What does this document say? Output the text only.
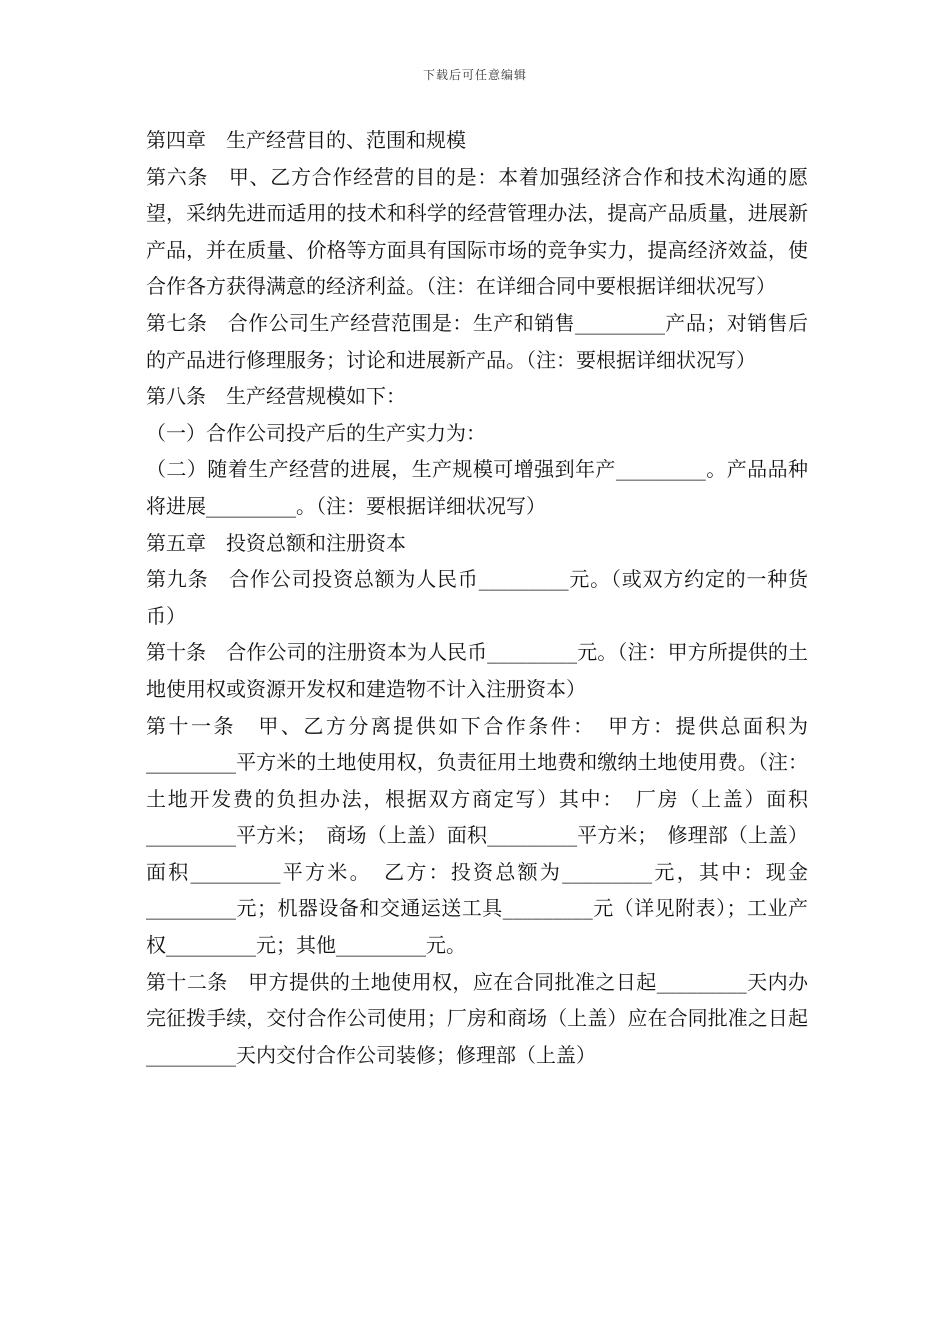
下载后可任意编辑

第四章　生产经营目的、范围和规模

第六条　甲、乙方合作经营的目的是：本着加强经济合作和技术沟通的愿望，采纳先进而适用的技术和科学的经营管理办法，提高产品质量，进展新产品，并在质量、价格等方面具有国际市场的竞争实力，提高经济效益，使合作各方获得满意的经济利益。（注：在详细合同中要根据详细状况写）

第七条　合作公司生产经营范围是：生产和销售_________产品；对销售后的产品进行修理服务；讨论和进展新产品。（注：要根据详细状况写）

第八条　生产经营规模如下：

（一）合作公司投产后的生产实力为：

（二）随着生产经营的进展，生产规模可增强到年产_________。产品品种将进展_________。（注：要根据详细状况写）

第五章　投资总额和注册资本

第九条　合作公司投资总额为人民币_________元。（或双方约定的一种货币）

第十条　合作公司的注册资本为人民币_________元。（注：甲方所提供的土地使用权或资源开发权和建造物不计入注册资本）

第十一条　甲、乙方分离提供如下合作条件：　甲方：提供总面积为_________平方米的土地使用权，负责征用土地费和缴纳土地使用费。（注：土地开发费的负担办法，根据双方商定写）其中：　厂房（上盖）面积_________平方米；　商场（上盖）面积_________平方米；　修理部（上盖）面积_________平方米。　乙方：投资总额为_________元，其中：现金_________元；机器设备和交通运送工具_________元（详见附表）；工业产权_________元；其他_________元。

第十二条　甲方提供的土地使用权，应在合同批准之日起_________天内办完征拨手续，交付合作公司使用；厂房和商场（上盖）应在合同批准之日起_________天内交付合作公司装修；修理部（上盖）
